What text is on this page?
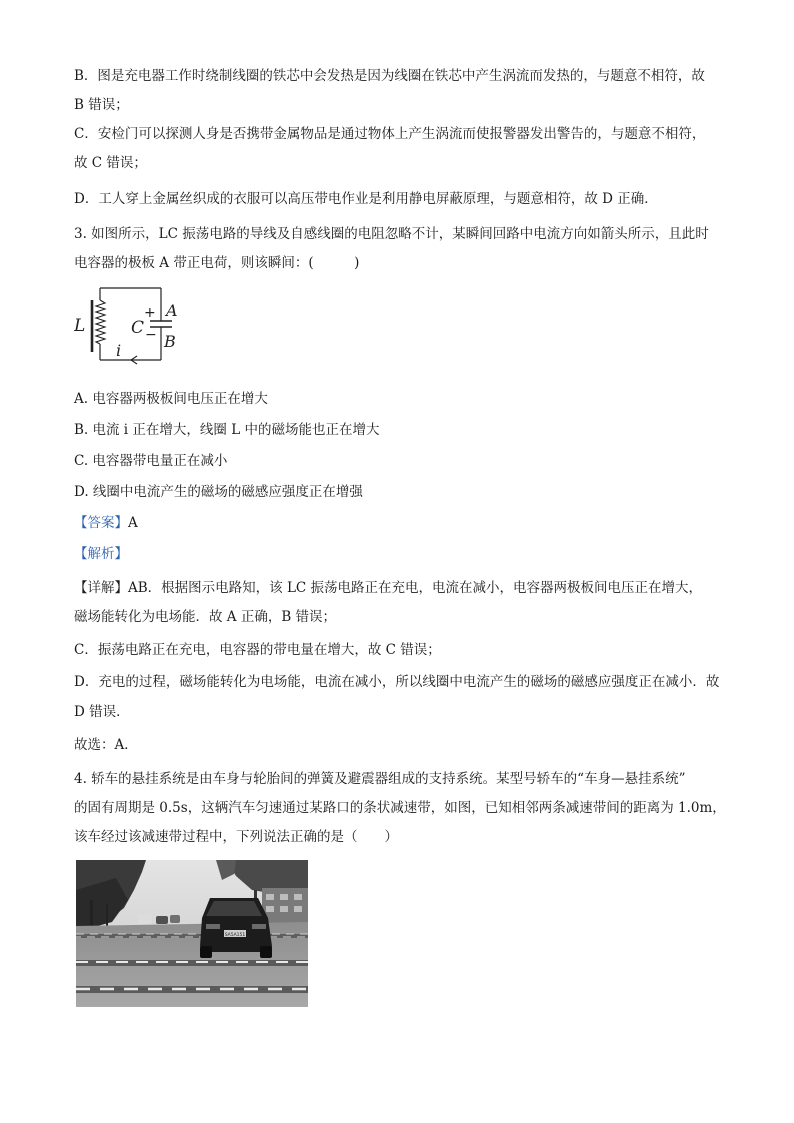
B．图是充电器工作时绕制线圈的铁芯中会发热是因为线圈在铁芯中产生涡流而发热的，与题意不相符，故
B 错误；
C．安检门可以探测人身是否携带金属物品是通过物体上产生涡流而使报警器发出警告的，与题意不相符，
故 C 错误；
D．工人穿上金属丝织成的衣服可以高压带电作业是利用静电屏蔽原理，与题意相符，故 D 正确．
3. 如图所示，LC 振荡电路的导线及自感线圈的电阻忽略不计，某瞬间回路中电流方向如箭头所示，且此时
电容器的极板 A 带正电荷，则该瞬间：(　　　)
L	C
+
−
A
B
i
A. 电容器两极板间电压正在增大
B. 电流 i 正在增大，线圈 L 中的磁场能也正在增大
C. 电容器带电量正在减小
D. 线圈中电流产生的磁场的磁感应强度正在增强
【答案】A
【解析】
【详解】AB．根据图示电路知，该 LC 振荡电路正在充电，电流在减小，电容器两极板间电压正在增大，
磁场能转化为电场能．故 A 正确，B 错误；
C．振荡电路正在充电，电容器的带电量在增大，故 C 错误；
D．充电的过程，磁场能转化为电场能，电流在减小，所以线圈中电流产生的磁场的磁感应强度正在减小．故
D 错误．
故选：A．
4. 轿车的悬挂系统是由车身与轮胎间的弹簧及避震器组成的支持系统。某型号轿车的“车身—悬挂系统”
的固有周期是 0.5s，这辆汽车匀速通过某路口的条状减速带，如图，已知相邻两条减速带间的距离为 1.0m，
该车经过该减速带过程中，下列说法正确的是（　　）
SA5A151
